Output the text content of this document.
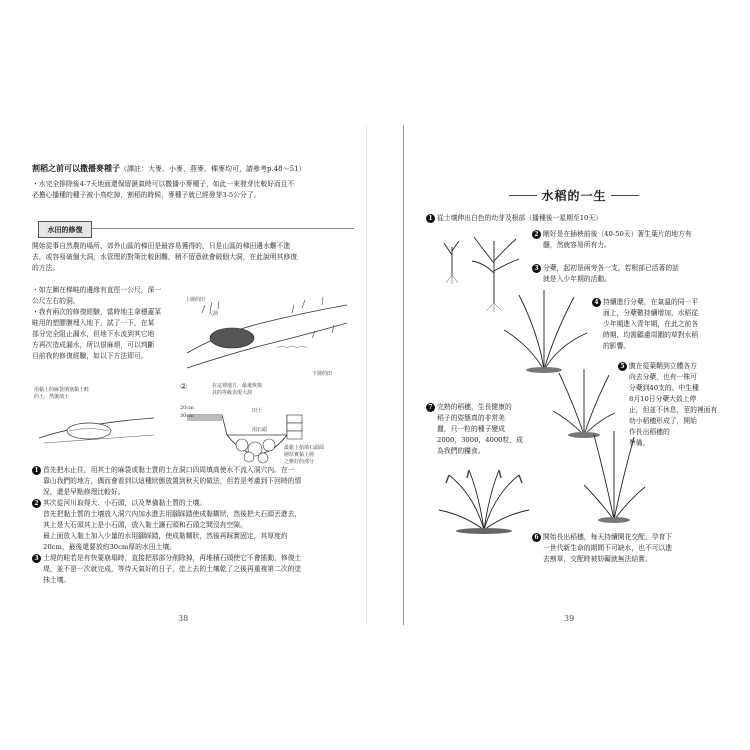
割稻之前可以撒播麥種子（譯註：大麥、小麥、燕麥、稞麥均可，請參考p.48～51）
・水完全排除後4-7天地面還保留濕氣時可以撒播小麥種子，如此一來發芽比較好而且不
必擔心播種的種子被小鳥吃掉，割稻的時候，麥種子就已經發芽3-5公分了。
水田的修復
開始從事自然農的場所，郊外山區的梯田是最容易獲得的，只是山區的梯田邊水難不進
去，或容易破個大洞，水管理的對策比較困難，稍不留意就會破個大洞，在此說明其修復
的方法。
・如左圖在梯畦的邊緣有直徑一公尺，深一
公尺左右的洞。
・我有兩次的修復經驗，當時地主拿穩蓋菜
畦用的塑膠膜埋入地下，試了一下，在某
部分完全阻止漏水，但地下水流到其它地
方再次造成漏水，所以很麻煩，可以判斷
目前我的修復經驗，如以下方法即可。
上層的田
大洞
下層的田
用黏土的麻袋填塞黏土畦
的土，然後填土
②	在這裡地方，最後恢復
其的等級表現大洞
20cm
30cm
田土
用石頭
最鬆土拍填石頭面
層厚實黏土層
之壓好的部分
1 首先把水止住，用其土的麻袋或黏土質的土在洞口四周填高使水不流入洞穴內。在一
靠山我們的地方，偶而會看到以這種狀態放置到秋天的做法，但若是考慮到下回時的情
況，還是早點修理比較好。
2 其次從河川取得大、小石頭，以及準備黏土質的土壤。
首先把黏土質的土壤放入洞穴內加水進去用腳踩踏使成黏糊狀，然後把大石頭丟進去，
其上是大石頭其上是小石頭，放入黏土讓石頭和石頭之間沒有空隙。
最上面放入黏土加入少量的水用腳踩踏，使成黏糊狀，然後再踩實固定，其厚度約
20cm，最後還要放約30cm厚的水田土壤。
3 土堤的畦若是有快要崩塌時，直接把那部分削除掉，再堆積石頭使它不會搖動，修復土
堤，並不是一次就完成，等待天氣好的日子，塗上去的土壤乾了之後再重複第二次的塗
抹土壤。
38
水稻的一生
1 從土壤伸出白色的幼芽及根部（播種後一星期至10天）
2 剛好是在插秧前後（40-50天）著生葉片的地方有
髓，然就容易所有力。
3 分蘗，起初是兩旁各一支，若根部已活著的話
就是入少年期的活動。
4 持續進行分蘗，在氣溫的同一平
面上，分蘗數持續增加，水稻從
少年期進入青年期，在此之前各
時期，均需顧慮周圍的草對水稻
的影響。
5 腹在從葉鞘到立體各方
向去分蘗，也有一株可
分蘗到40支的。中生種
8月10日分蘗大致上停
止，但並不休息，莖的裡面有
幼小稻穗形成了，開始
作長出稻穗的
準備。
7 完熟的稻穗，生長健康的
稻子的姿態真的非常美
麗，只一粒的種子變成
2000，3000，4000粒，成
為我們的糧食。
6 開始長出稻穗，每天持續開花交配，孕育下
一世代新生命的期間不可缺水，也不可以進
去割草，交配時被妨礙就無法結實。
39
